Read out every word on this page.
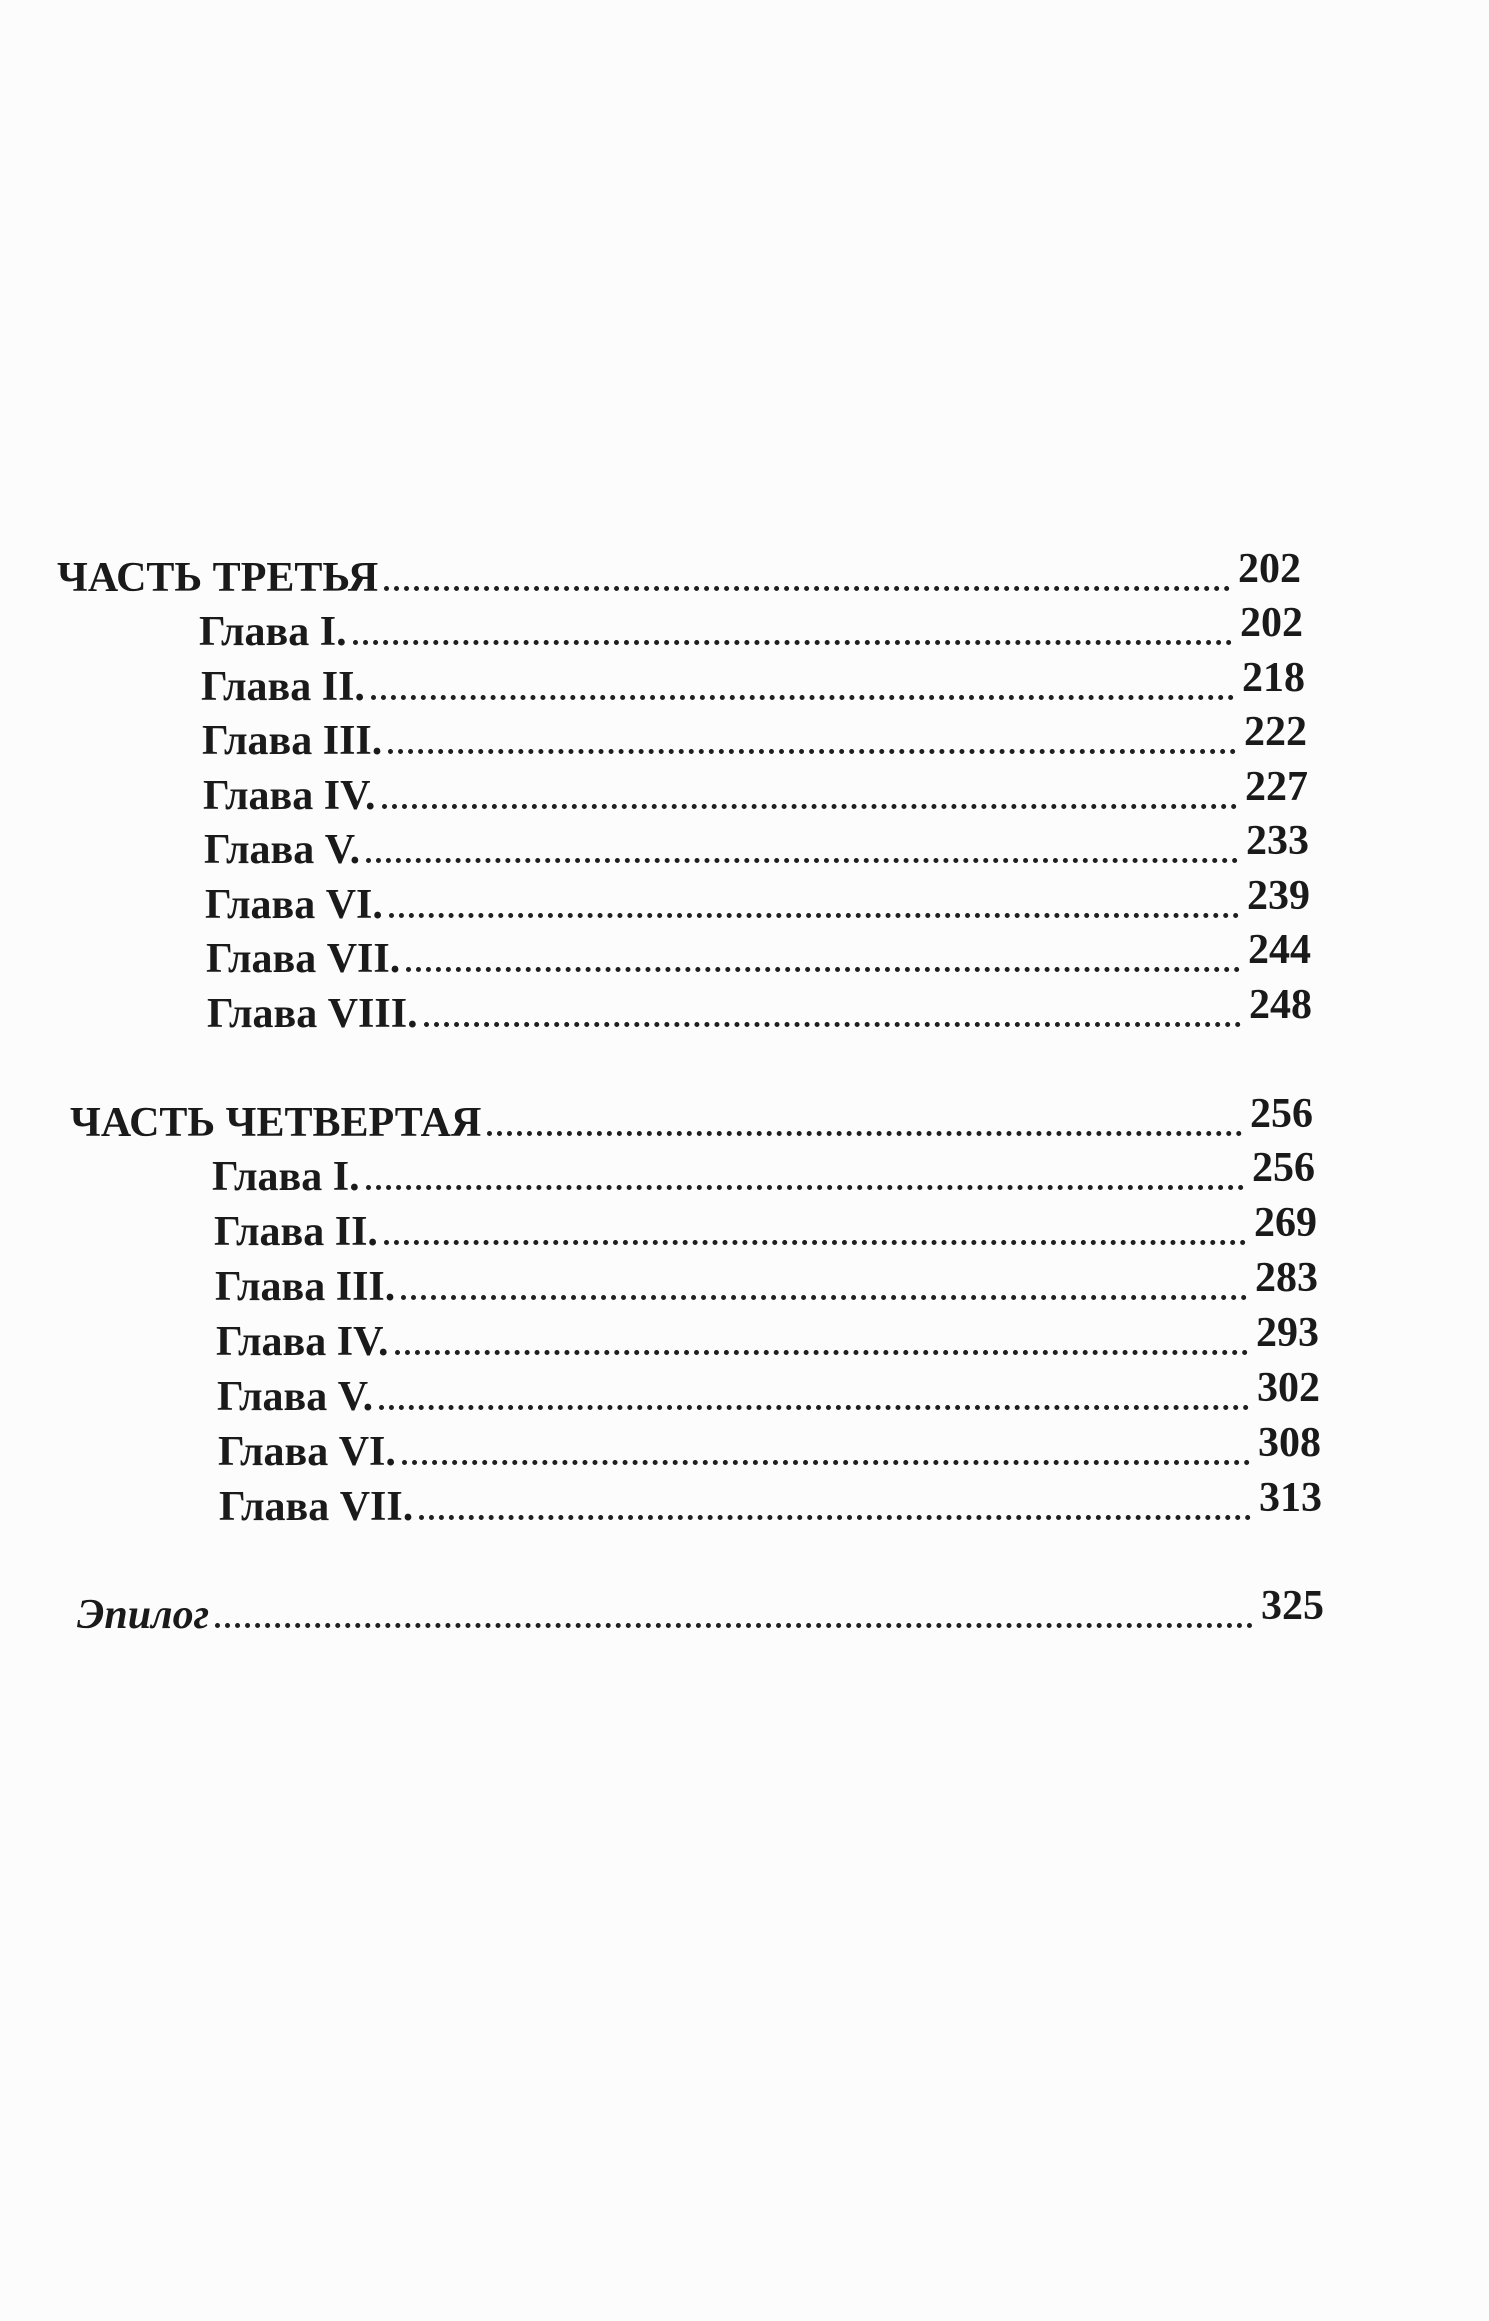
ЧАСТЬ ТРЕТЬЯ	202
Глава I.	202
Глава II.	218
Глава III.	222
Глава IV.	227
Глава V.	233
Глава VI.	239
Глава VII.	244
Глава VIII.	248
ЧАСТЬ ЧЕТВЕРТАЯ	256
Глава I.	256
Глава II.	269
Глава III.	283
Глава IV.	293
Глава V.	302
Глава VI.	308
Глава VII.	313
Эпилог	325
